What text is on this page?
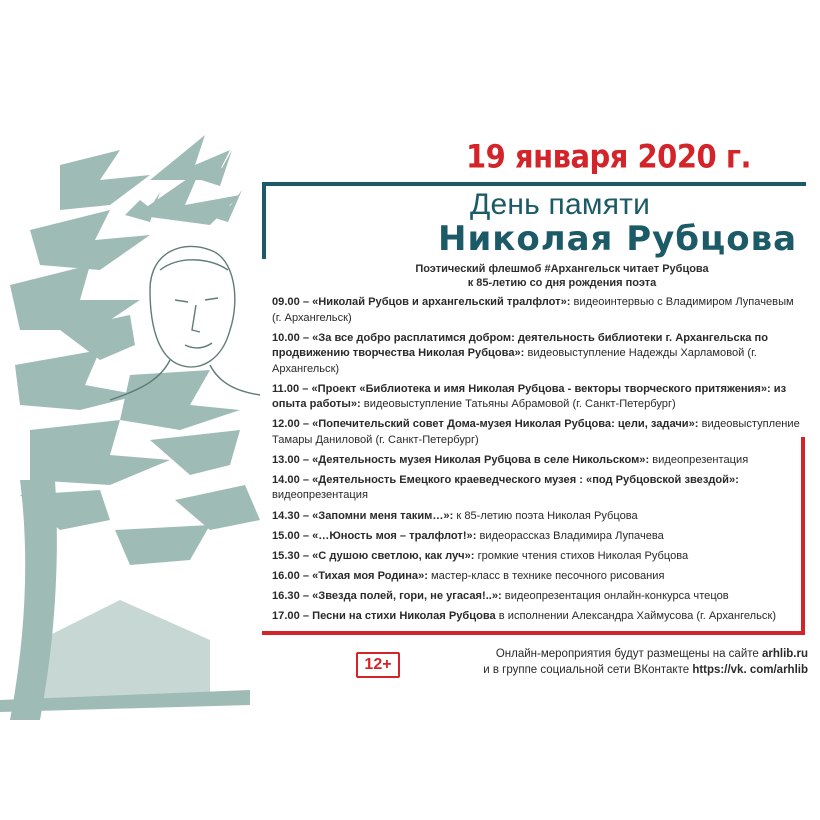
19 января 2020 г.
День памяти
Николая Рубцова
Поэтический флешмоб #Архангельск читает Рубцова
к 85-летию со дня рождения поэта
09.00 – «Николай Рубцов и архангельский тралфлот»: видеоинтервью с Владимиром Лупачевым (г. Архангельск)
10.00 – «За все добро расплатимся добром: деятельность библиотеки г. Архангельска по продвижению творчества Николая Рубцова»: видеовыступление Надежды Харламовой (г. Архангельск)
11.00 – «Проект «Библиотека и имя Николая Рубцова - векторы творческого притяжения»: из опыта работы»: видеовыступление Татьяны Абрамовой (г. Санкт-Петербург)
12.00 – «Попечительский совет Дома-музея Николая Рубцова: цели, задачи»: видеовыступление Тамары Даниловой (г. Санкт-Петербург)
13.00 – «Деятельность музея Николая Рубцова в селе Никольском»: видеопрезентация
14.00 – «Деятельность Емецкого краеведческого музея : «под Рубцовской звездой»: видеопрезентация
14.30 – «Запомни меня таким…»: к 85-летию поэта Николая Рубцова
15.00 – «…Юность моя – тралфлот!»: видеорассказ Владимира Лупачева
15.30 – «С душою светлою, как луч»: громкие чтения стихов Николая Рубцова
16.00 – «Тихая моя Родина»: мастер-класс в технике песочного рисования
16.30 – «Звезда полей, гори, не угасая!..»: видеопрезентация онлайн-конкурса чтецов
17.00 – Песни на стихи Николая Рубцова в исполнении Александра Хаймусова (г. Архангельск)
12+
Онлайн-мероприятия будут размещены на сайте arhlib.ru
и в группе социальной сети ВКонтакте https://vk. com/arhlib
